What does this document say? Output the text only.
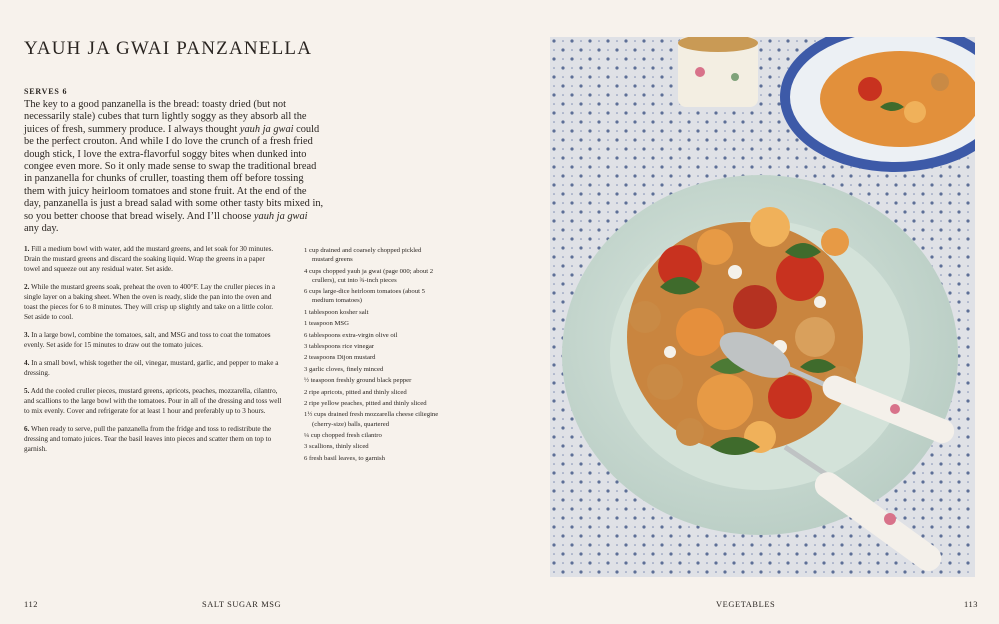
YAUH JA GWAI PANZANELLA
SERVES 6

The key to a good panzanella is the bread: toasty dried (but not necessarily stale) cubes that turn lightly soggy as they absorb all the juices of fresh, summery produce. I always thought yauh ja gwai could be the perfect crouton. And while I do love the crunch of a fresh fried dough stick, I love the extra-flavorful soggy bites when dunked into congee even more. So it only made sense to swap the traditional bread in panzanella for chunks of cruller, toasting them off before tossing them with juicy heirloom tomatoes and stone fruit. At the end of the day, panzanella is just a bread salad with some other tasty bits mixed in, so you better choose that bread wisely. And I’ll choose yauh ja gwai any day.

1. Fill a medium bowl with water, add the mustard greens, and let soak for 30 minutes. Drain the mustard greens and discard the soaking liquid. Wrap the greens in a paper towel and squeeze out any residual water. Set aside.

2. While the mustard greens soak, preheat the oven to 400°F. Lay the cruller pieces in a single layer on a baking sheet. When the oven is ready, slide the pan into the oven and toast the pieces for 6 to 8 minutes. They will crisp up slightly and take on a little color. Set aside to cool.

3. In a large bowl, combine the tomatoes, salt, and MSG and toss to coat the tomatoes evenly. Set aside for 15 minutes to draw out the tomato juices.

4. In a small bowl, whisk together the oil, vinegar, mustard, garlic, and pepper to make a dressing.

5. Add the cooled cruller pieces, mustard greens, apricots, peaches, mozzarella, cilantro, and scallions to the large bowl with the tomatoes. Pour in all of the dressing and toss well to mix evenly. Cover and refrigerate for at least 1 hour and preferably up to 3 hours.

6. When ready to serve, pull the panzanella from the fridge and toss to redistribute the dressing and tomato juices. Tear the basil leaves into pieces and scatter them on top to garnish.

1 cup drained and coarsely chopped pickled mustard greens
4 cups chopped yauh ja gwai (page 000; about 2 crullers), cut into ¾-inch pieces
6 cups large-dice heirloom tomatoes (about 5 medium tomatoes)
1 tablespoon kosher salt
1 teaspoon MSG
6 tablespoons extra-virgin olive oil
3 tablespoons rice vinegar
2 teaspoons Dijon mustard
3 garlic cloves, finely minced
½ teaspoon freshly ground black pepper
2 ripe apricots, pitted and thinly sliced
2 ripe yellow peaches, pitted and thinly sliced
1½ cups drained fresh mozzarella cheese ciliegine (cherry-size) balls, quartered
¼ cup chopped fresh cilantro
3 scallions, thinly sliced
6 fresh basil leaves, to garnish
112	SALT SUGAR MSG	VEGETABLES	113
